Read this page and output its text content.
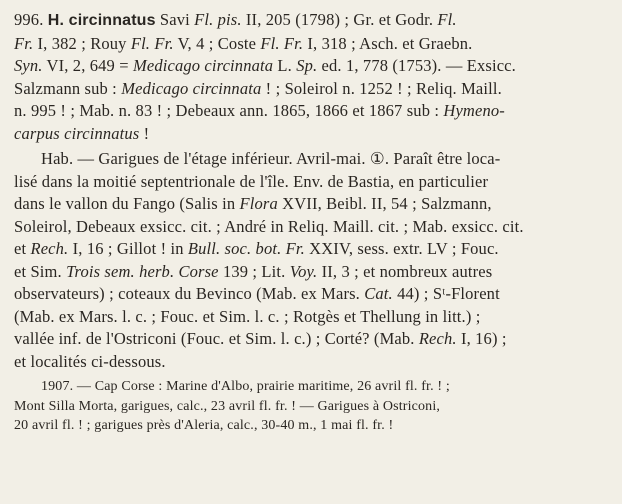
996. H. circinnatus Savi Fl. pis. II, 205 (1798) ; Gr. et Godr. Fl.
Fr. I, 382 ; Rouy Fl. Fr. V, 4 ; Coste Fl. Fr. I, 318 ; Asch. et Graebn.
Syn. VI, 2, 649 = Medicago circinnata L. Sp. ed. 1, 778 (1753). — Exsicc.
Salzmann sub : Medicago circinnata ! ; Soleirol n. 1252 ! ; Reliq. Maill.
n. 995 ! ; Mab. n. 83 ! ; Debeaux ann. 1865, 1866 et 1867 sub : Hymeno-
carpus circinnatus !
Hab. — Garigues de l'étage inférieur. Avril-mai. ①. Paraît être loca-
lisé dans la moitié septentrionale de l'île. Env. de Bastia, en particulier
dans le vallon du Fango (Salis in Flora XVII, Beibl. II, 54 ; Salzmann,
Soleirol, Debeaux exsicc. cit. ; André in Reliq. Maill. cit. ; Mab. exsicc. cit.
et Rech. I, 16 ; Gillot ! in Bull. soc. bot. Fr. XXIV, sess. extr. LV ; Fouc.
et Sim. Trois sem. herb. Corse 139 ; Lit. Voy. II, 3 ; et nombreux autres
observateurs) ; coteaux du Bevinco (Mab. ex Mars. Cat. 44) ; Sᵗ-Florent
(Mab. ex Mars. l. c. ; Fouc. et Sim. l. c. ; Rotgès et Thellung in litt.) ;
vallée inf. de l'Ostriconi (Fouc. et Sim. l. c.) ; Corté? (Mab. Rech. I, 16) ;
et localités ci-dessous.
1907. — Cap Corse : Marine d'Albo, prairie maritime, 26 avril fl. fr. ! ;
Mont Silla Morta, garigues, calc., 23 avril fl. fr. ! — Garigues à Ostriconi,
20 avril fl. ! ; garigues près d'Aleria, calc., 30-40 m., 1 mai fl. fr. !
